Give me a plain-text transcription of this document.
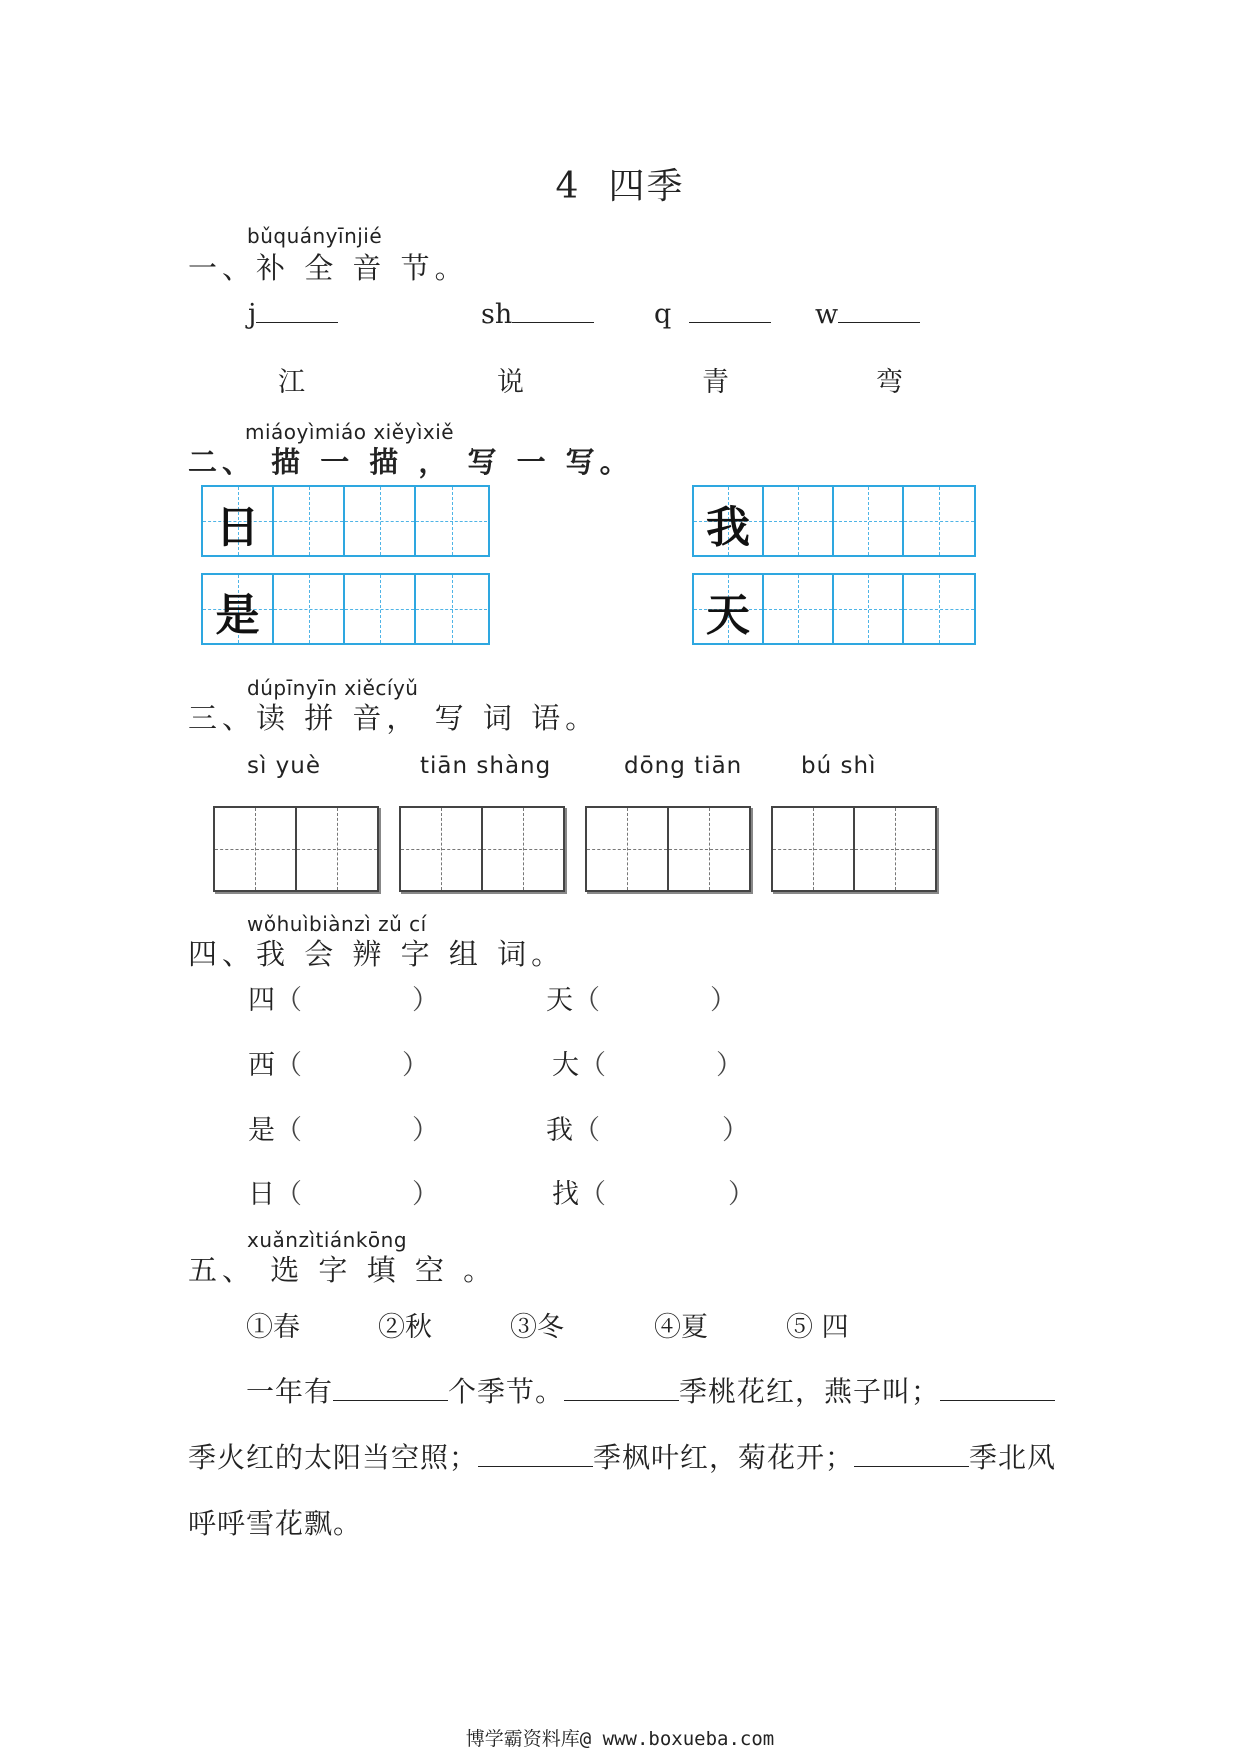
4 四季
bǔquányīnjié
一、补 全 音 节。
j	sh	q	w
江	说	青	弯
miáoyìmiáo xiěyìxiě
二、 描 一 描 ， 写 一 写。
日	我
是	天
dúpīnyīn xiěcíyǔ
三、读 拼 音， 写 词 语。
sì yuè	tiān shàng	dōng tiān	bú shì
wǒhuìbiànzì zǔ cí
四、我 会 辨 字 组 词。
四（	）	天（	）
西（	）	大（	）
是（	）	我（	）
日（	）	找（	）
xuǎnzìtiánkōng
五、 选 字 填 空 。
①春	②秋	③冬	④夏	⑤ 四
一年有	个季节。	季桃花红，燕子叫；
季火红的太阳当空照；	季枫叶红，菊花开；	季北风
呼呼雪花飘。
博学霸资料库@ www.boxueba.com
